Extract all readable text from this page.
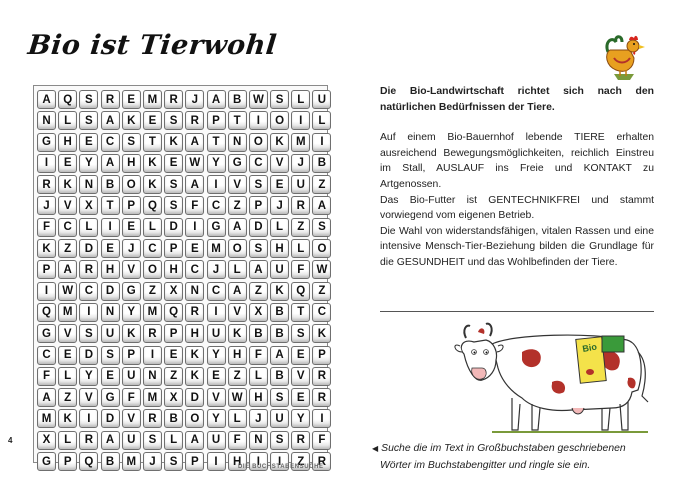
Bio ist Tierwohl
A	Q	S	R	E	M	R	J	A	B	W	S	L	U
N	L	S	A	K	E	S	R	P	T	I	O	I	L
G	H	E	C	S	T	K	A	T	N	O	K	M	I
I	E	Y	A	H	K	E	W	Y	G	C	V	J	B
R	K	N	B	O	K	S	A	I	V	S	E	U	Z
J	V	X	T	P	Q	S	F	C	Z	P	J	R	A
F	C	L	I	E	L	D	I	G	A	D	L	Z	S
K	Z	D	E	J	C	P	E	M	O	S	H	L	O
P	A	R	H	V	O	H	C	J	L	A	U	F	W
I	W	C	D	G	Z	X	N	C	A	Z	K	Q	Z
Q	M	I	N	Y	M	Q	R	I	V	X	B	T	C
G	V	S	U	K	R	P	H	U	K	B	B	S	K
C	E	D	S	P	I	E	K	Y	H	F	A	E	P
F	L	Y	E	U	N	Z	K	E	Z	L	B	V	R
A	Z	V	G	F	M	X	D	V	W	H	S	E	R
M	K	I	D	V	R	B	O	Y	L	J	U	Y	I
X	L	R	A	U	S	L	A	U	F	N	S	R	F
G	P	Q	B	M	J	S	P	I	H	I	I	Z	R
DIE BUCHSTABENSUCHE
4

Die Bio-Landwirtschaft richtet sich nach den natürlichen Bedürfnissen der Tiere.

Auf einem Bio-Bauernhof lebende TIERE erhalten ausreichend Bewegungsmöglichkeiten, reichlich Einstreu im Stall, AUSLAUF ins Freie und KONTAKT zu Artgenossen.

Das Bio-Futter ist GENTECHNIKFREI und stammt vorwiegend vom eigenen Betrieb.

Die Wahl von widerstandsfähigen, vitalen Rassen und eine intensive Mensch-Tier-Beziehung bilden die Grundlage für die GESUNDHEIT und das Wohlbefinden der Tiere.

Bio
◀ Suche die im Text in Großbuchstaben geschriebenen
Wörter im Buchstabengitter und ringle sie ein.
